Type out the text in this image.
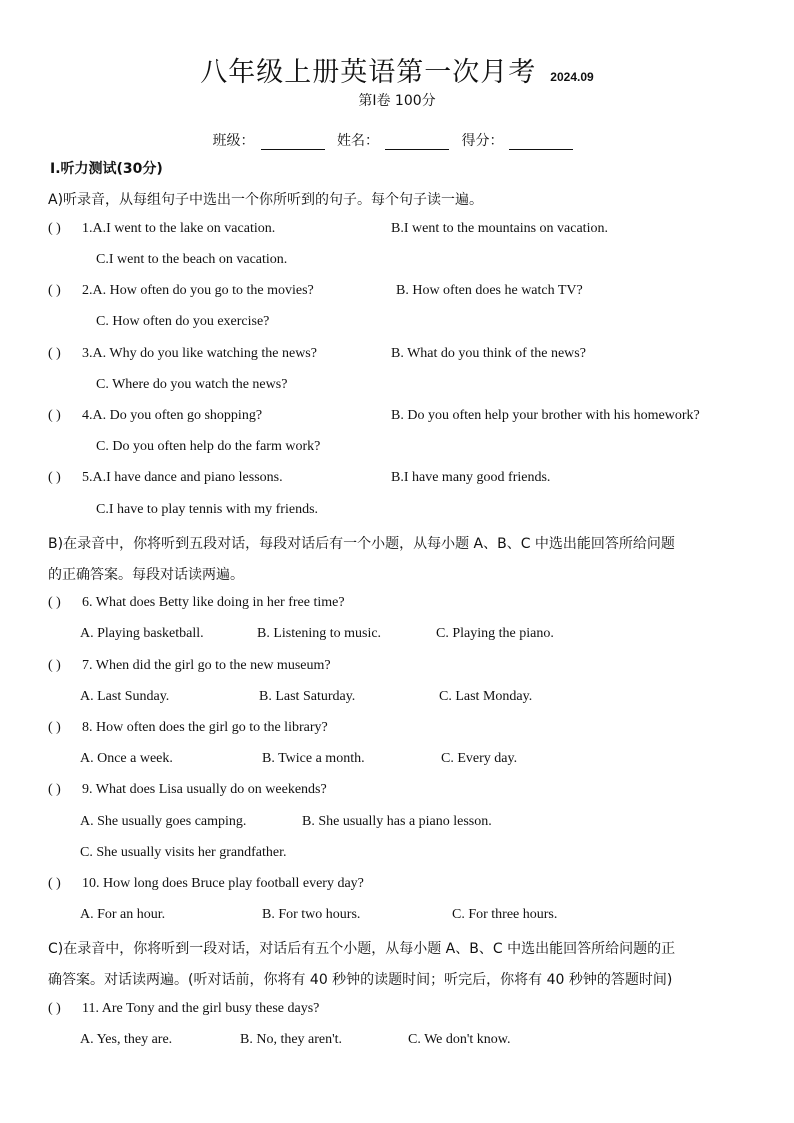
八年级上册英语第一次月考 2024.09
第Ⅰ卷 100分
班级：	姓名：	得分：
Ⅰ.听力测试(30分)
A)听录音，从每组句子中选出一个你所听到的句子。每个句子读一遍。
( ) 1.A.I went to the lake on vacation.	B.I went to the mountains on vacation.
C.I went to the beach on vacation.
( ) 2.A. How often do you go to the movies?	B. How often does he watch TV?
C. How often do you exercise?
( ) 3.A. Why do you like watching the news?	B. What do you think of the news?
C. Where do you watch the news?
( ) 4.A. Do you often go shopping?	B. Do you often help your brother with his homework?
C. Do you often help do the farm work?
( ) 5.A.I have dance and piano lessons.	B.I have many good friends.
C.I have to play tennis with my friends.
B)在录音中，你将听到五段对话，每段对话后有一个小题，从每小题 A、B、C 中选出能回答所给问题
的正确答案。每段对话读两遍。
( ) 6. What does Betty like doing in her free time?
A. Playing basketball.	B. Listening to music.	C. Playing the piano.
( ) 7. When did the girl go to the new museum?
A. Last Sunday.	B. Last Saturday.	C. Last Monday.
( ) 8. How often does the girl go to the library?
A. Once a week.	B. Twice a month.	C. Every day.
( ) 9. What does Lisa usually do on weekends?
A. She usually goes camping.	B. She usually has a piano lesson.
C. She usually visits her grandfather.
( ) 10. How long does Bruce play football every day?
A. For an hour.	B. For two hours.	C. For three hours.
C)在录音中，你将听到一段对话，对话后有五个小题，从每小题 A、B、C 中选出能回答所给问题的正
确答案。对话读两遍。(听对话前，你将有 40 秒钟的读题时间；听完后，你将有 40 秒钟的答题时间)
( ) 11. Are Tony and the girl busy these days?
A. Yes, they are.	B. No, they aren't.	C. We don't know.
